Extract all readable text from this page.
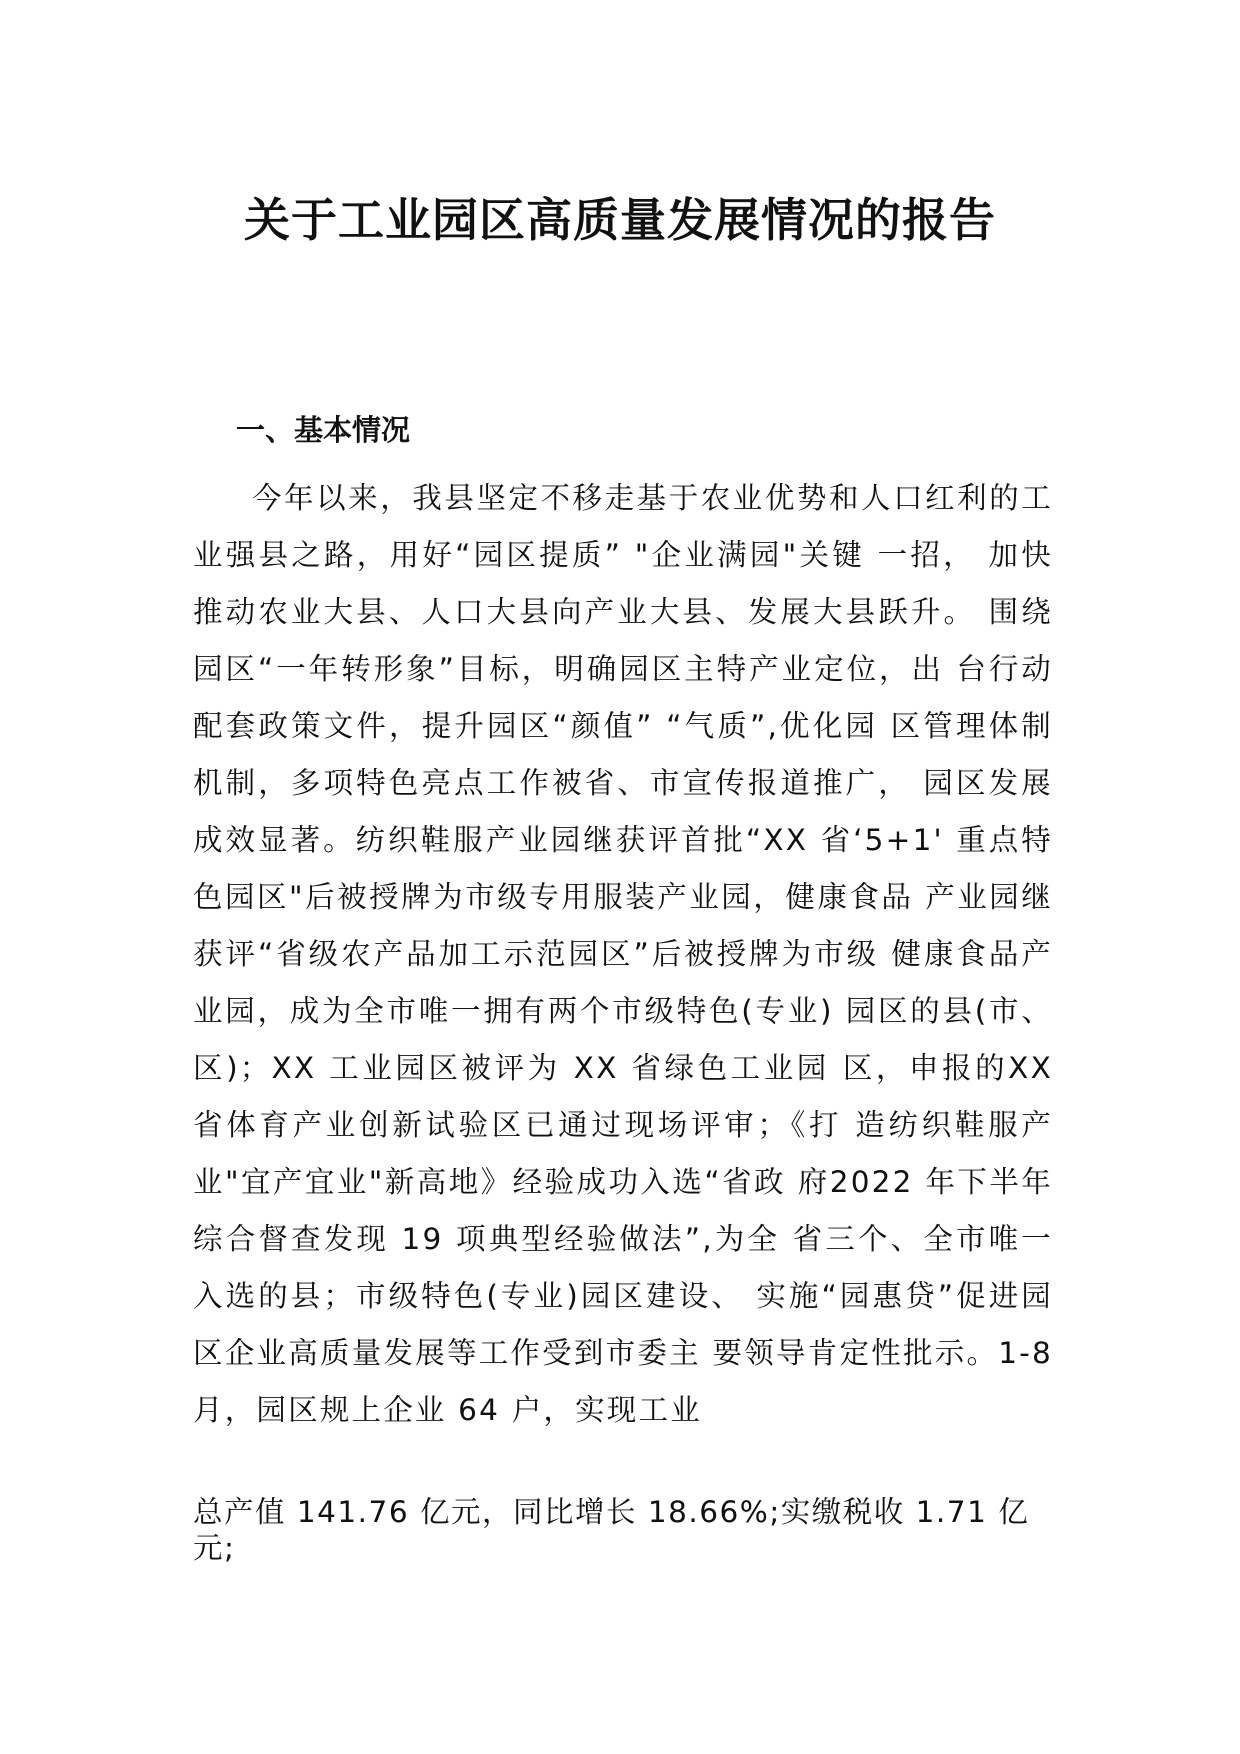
关于工业园区高质量发展情况的报告
一、基本情况

今年以来，我县坚定不移走基于农业优势和人口红利的工业强县之路，用好“园区提质” "企业满园"关键 一招， 加快推动农业大县、人口大县向产业大县、发展大县跃升。 围绕园区“一年转形象”目标，明确园区主特产业定位，出 台行动配套政策文件，提升园区“颜值” “气质”,优化园 区管理体制机制，多项特色亮点工作被省、市宣传报道推广， 园区发展成效显著。纺织鞋服产业园继获评首批“XX 省‘5+1' 重点特色园区"后被授牌为市级专用服装产业园，健康食品 产业园继获评“省级农产品加工示范园区”后被授牌为市级 健康食品产业园，成为全市唯一拥有两个市级特色(专业) 园区的县(市、区)；XX 工业园区被评为 XX 省绿色工业园 区，申报的XX 省体育产业创新试验区已通过现场评审；《打 造纺织鞋服产业"宜产宜业"新高地》经验成功入选“省政 府2022 年下半年综合督查发现 19 项典型经验做法”,为全 省三个、全市唯一入选的县；市级特色(专业)园区建设、 实施“园惠贷”促进园区企业高质量发展等工作受到市委主 要领导肯定性批示。1-8 月，园区规上企业 64 户，实现工业

总产值 141.76 亿元，同比增长 18.66%;实缴税收 1.71 亿元;
